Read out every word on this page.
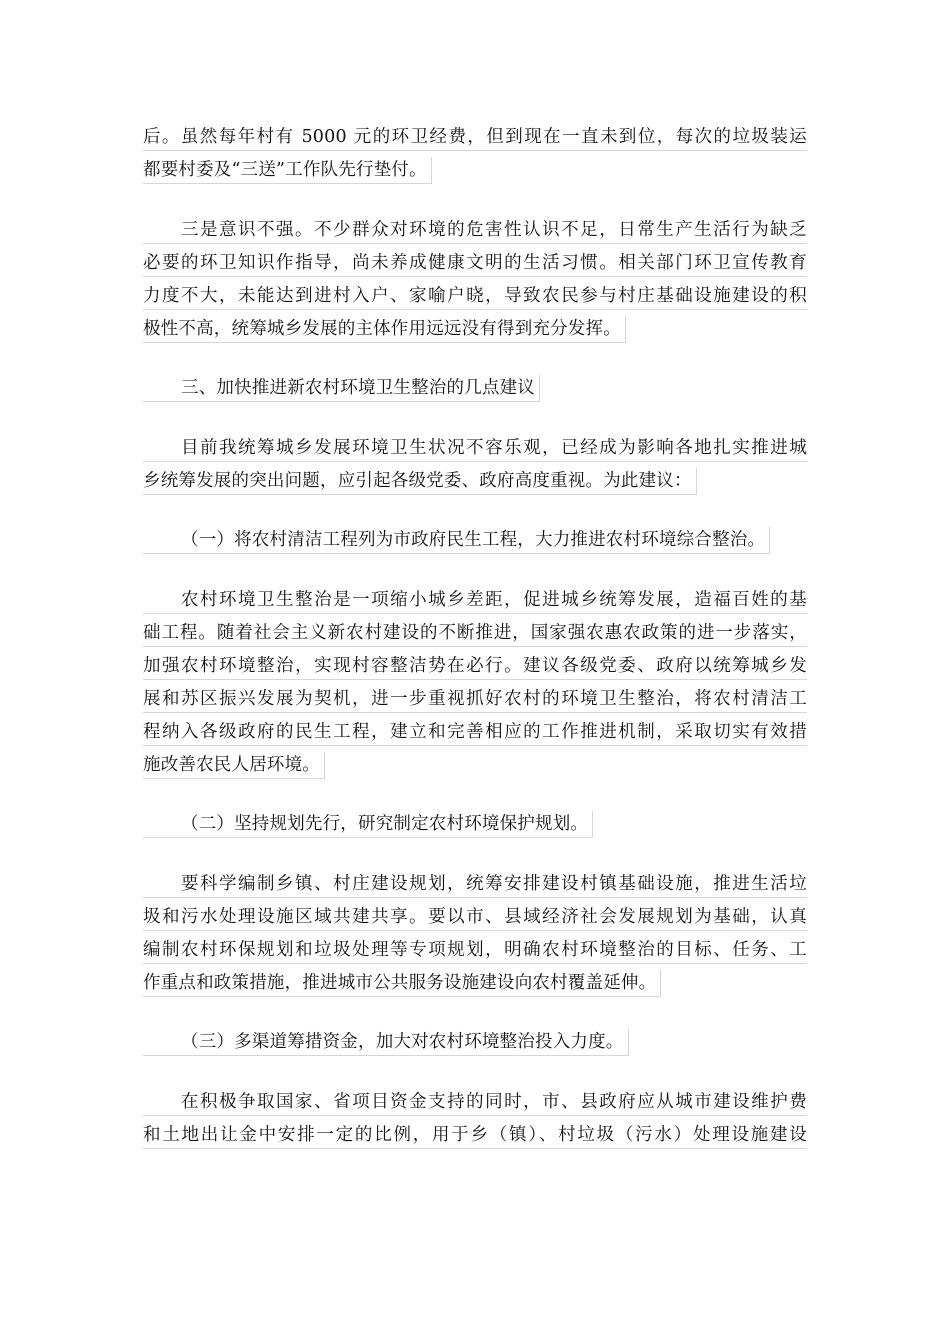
后。虽然每年村有 5000 元的环卫经费，但到现在一直未到位，每次的垃圾装运
都要村委及“三送”工作队先行垫付。
三是意识不强。不少群众对环境的危害性认识不足，日常生产生活行为缺乏
必要的环卫知识作指导，尚未养成健康文明的生活习惯。相关部门环卫宣传教育
力度不大，未能达到进村入户、家喻户晓，导致农民参与村庄基础设施建设的积
极性不高，统筹城乡发展的主体作用远远没有得到充分发挥。
三、加快推进新农村环境卫生整治的几点建议
目前我统筹城乡发展环境卫生状况不容乐观，已经成为影响各地扎实推进城
乡统筹发展的突出问题，应引起各级党委、政府高度重视。为此建议：
（一）将农村清洁工程列为市政府民生工程，大力推进农村环境综合整治。
农村环境卫生整治是一项缩小城乡差距，促进城乡统筹发展，造福百姓的基
础工程。随着社会主义新农村建设的不断推进，国家强农惠农政策的进一步落实，
加强农村环境整治，实现村容整洁势在必行。建议各级党委、政府以统筹城乡发
展和苏区振兴发展为契机，进一步重视抓好农村的环境卫生整治，将农村清洁工
程纳入各级政府的民生工程，建立和完善相应的工作推进机制，采取切实有效措
施改善农民人居环境。
（二）坚持规划先行，研究制定农村环境保护规划。
要科学编制乡镇、村庄建设规划，统筹安排建设村镇基础设施，推进生活垃
圾和污水处理设施区域共建共享。要以市、县域经济社会发展规划为基础，认真
编制农村环保规划和垃圾处理等专项规划，明确农村环境整治的目标、任务、工
作重点和政策措施，推进城市公共服务设施建设向农村覆盖延伸。
（三）多渠道筹措资金，加大对农村环境整治投入力度。
在积极争取国家、省项目资金支持的同时，市、县政府应从城市建设维护费
和土地出让金中安排一定的比例，用于乡（镇）、村垃圾（污水）处理设施建设
